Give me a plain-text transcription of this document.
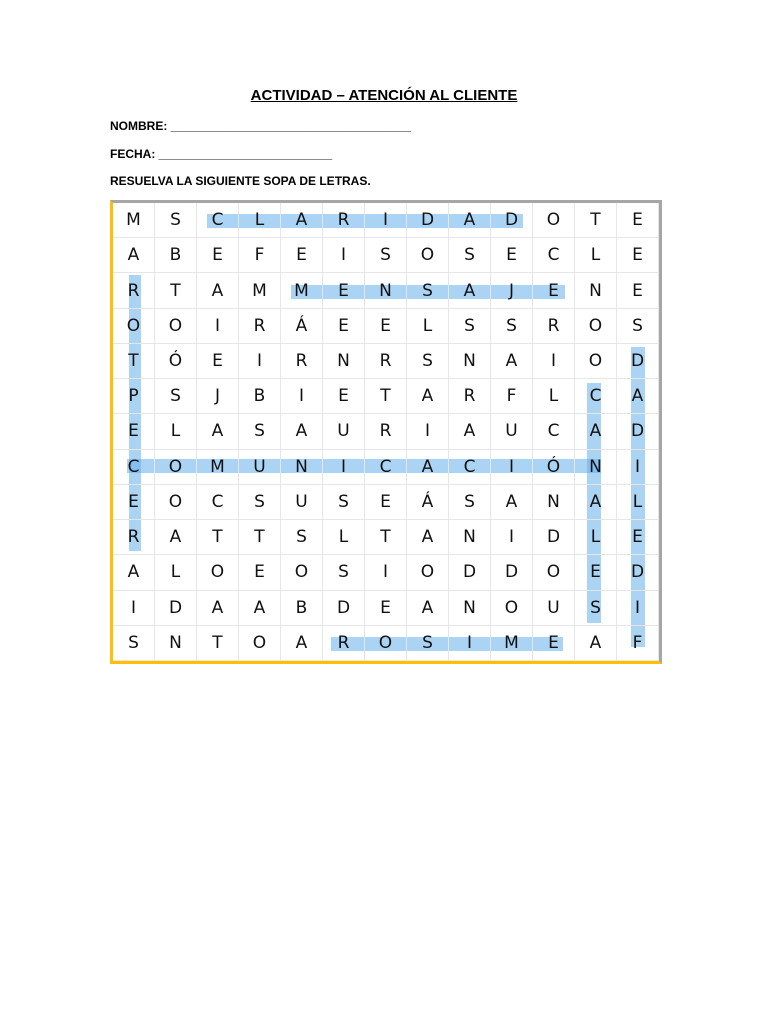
ACTIVIDAD – ATENCIÓN AL CLIENTE
NOMBRE: ____________________________________
FECHA: __________________________
RESUELVA LA SIGUIENTE SOPA DE LETRAS.
M	S	C	L	A	R	I	D	A	D	O	T	E
A	B	E	F	E	I	S	O	S	E	C	L	E
R	T	A	M	M	E	N	S	A	J	E	N	E
O	O	I	R	Á	E	E	L	S	S	R	O	S
T	Ó	E	I	R	N	R	S	N	A	I	O	D
P	S	J	B	I	E	T	A	R	F	L	C	A
E	L	A	S	A	U	R	I	A	U	C	A	D
C	O	M	U	N	I	C	A	C	I	Ó	N	I
E	O	C	S	U	S	E	Á	S	A	N	A	L
R	A	T	T	S	L	T	A	N	I	D	L	E
A	L	O	E	O	S	I	O	D	D	O	E	D
I	D	A	A	B	D	E	A	N	O	U	S	I
S	N	T	O	A	R	O	S	I	M	E	A	F
